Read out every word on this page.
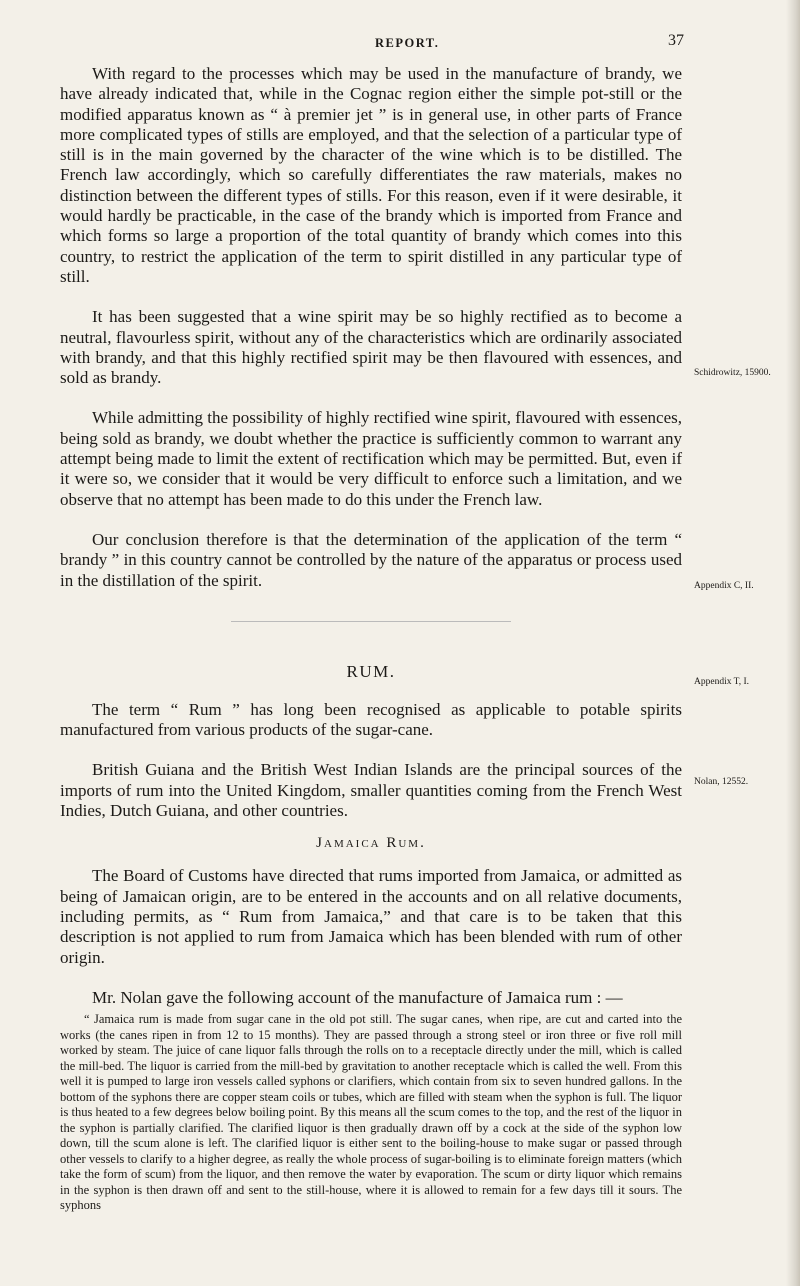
REPORT.	37

With regard to the processes which may be used in the manufacture of brandy, we have already indicated that, while in the Cognac region either the simple pot-still or the modified apparatus known as “ à premier jet ” is in general use, in other parts of France more complicated types of stills are employed, and that the selection of a particular type of still is in the main governed by the character of the wine which is to be distilled. The French law accordingly, which so carefully differentiates the raw materials, makes no distinction between the different types of stills. For this reason, even if it were desirable, it would hardly be practicable, in the case of the brandy which is imported from France and which forms so large a proportion of the total quantity of brandy which comes into this country, to restrict the application of the term to spirit distilled in any particular type of still.

It has been suggested that a wine spirit may be so highly rectified as to become a neutral, flavourless spirit, without any of the characteristics which are ordinarily associated with brandy, and that this highly rectified spirit may be then flavoured with essences, and sold as brandy.

While admitting the possibility of highly rectified wine spirit, flavoured with essences, being sold as brandy, we doubt whether the practice is sufficiently common to warrant any attempt being made to limit the extent of rectification which may be permitted. But, even if it were so, we consider that it would be very difficult to enforce such a limitation, and we observe that no attempt has been made to do this under the French law.

Our conclusion therefore is that the determination of the application of the term “ brandy ” in this country cannot be controlled by the nature of the apparatus or process used in the distillation of the spirit.

RUM.

The term “ Rum ” has long been recognised as applicable to potable spirits manufactured from various products of the sugar-cane.

British Guiana and the British West Indian Islands are the principal sources of the imports of rum into the United Kingdom, smaller quantities coming from the French West Indies, Dutch Guiana, and other countries.

Jamaica Rum.

The Board of Customs have directed that rums imported from Jamaica, or admitted as being of Jamaican origin, are to be entered in the accounts and on all relative documents, including permits, as “ Rum from Jamaica,” and that care is to be taken that this description is not applied to rum from Jamaica which has been blended with rum of other origin.

Mr. Nolan gave the following account of the manufacture of Jamaica rum : —

“ Jamaica rum is made from sugar cane in the old pot still. The sugar canes, when ripe, are cut and carted into the works (the canes ripen in from 12 to 15 months). They are passed through a strong steel or iron three or five roll mill worked by steam. The juice of cane liquor falls through the rolls on to a receptacle directly under the mill, which is called the mill-bed. The liquor is carried from the mill-bed by gravitation to another receptacle which is called the well. From this well it is pumped to large iron vessels called syphons or clarifiers, which contain from six to seven hundred gallons. In the bottom of the syphons there are copper steam coils or tubes, which are filled with steam when the syphon is full. The liquor is thus heated to a few degrees below boiling point. By this means all the scum comes to the top, and the rest of the liquor in the syphon is partially clarified. The clarified liquor is then gradually drawn off by a cock at the side of the syphon low down, till the scum alone is left. The clarified liquor is either sent to the boiling-house to make sugar or passed through other vessels to clarify to a higher degree, as really the whole process of sugar-boiling is to eliminate foreign matters (which take the form of scum) from the liquor, and then remove the water by evaporation. The scum or dirty liquor which remains in the syphon is then drawn off and sent to the still-house, where it is allowed to remain for a few days till it sours. The syphons

Schidrowitz, 15900.
Appendix C, II.
Appendix T, I.
Nolan, 12552.
